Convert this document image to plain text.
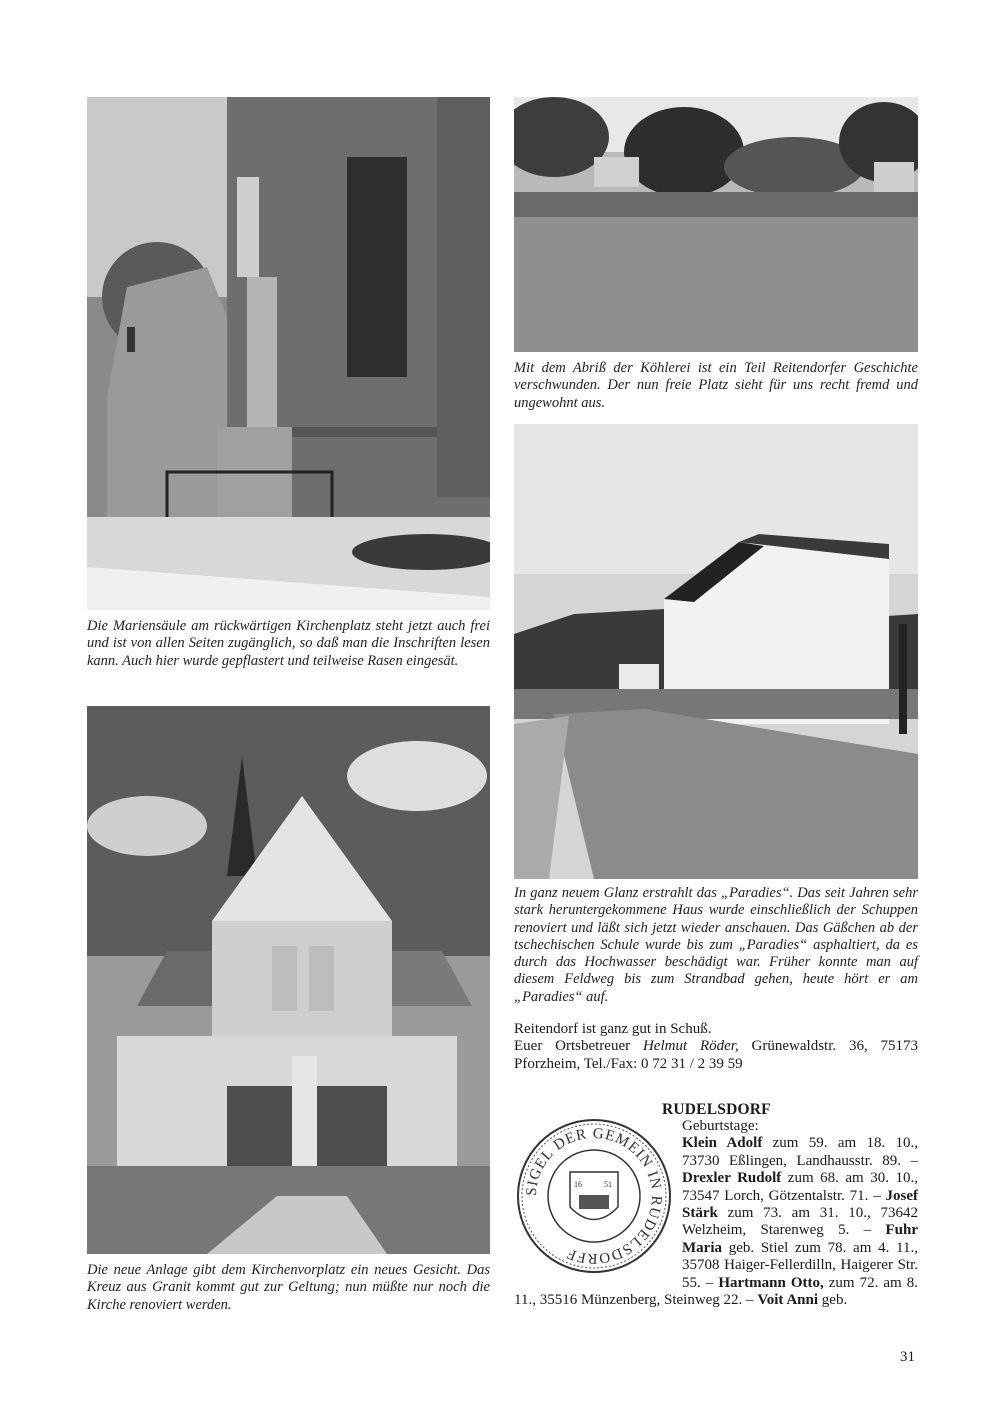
Mit dem Abriß der Köhlerei ist ein Teil Reitendorfer Geschichte verschwunden. Der nun freie Platz sieht für uns recht fremd und ungewohnt aus.

In ganz neuem Glanz erstrahlt das „Paradies“. Das seit Jahren sehr stark heruntergekommene Haus wurde einschließlich der Schuppen renoviert und läßt sich jetzt wieder anschauen. Das Gäßchen ab der tschechischen Schule wurde bis zum „Paradies“ asphaltiert, da es durch das Hochwasser beschädigt war. Früher konnte man auf diesem Feldweg bis zum Strandbad gehen, heute hört er am „Paradies“ auf.

Die Mariensäule am rückwärtigen Kirchenplatz steht jetzt auch frei und ist von allen Seiten zugänglich, so daß man die Inschriften lesen kann. Auch hier wurde gepflastert und teilweise Rasen eingesät.

Die neue Anlage gibt dem Kirchenvorplatz ein neues Gesicht. Das Kreuz aus Granit kommt gut zur Geltung; nun müßte nur noch die Kirche renoviert werden.

Reitendorf ist ganz gut in Schuß.

Euer Ortsbetreuer Helmut Röder, Grünewaldstr. 36, 75173 Pforzheim, Tel./Fax: 0 72 31 / 2 39 59

SIGEL DER GEMEIN IN RUDELSDORFF
16	51
RUDELSDORF

Geburtstage:
Klein Adolf zum 59. am 18. 10., 73730 Eßlingen, Landhausstr. 89. – Drexler Rudolf zum 68. am 30. 10., 73547 Lorch, Götzentalstr. 71. – Josef Stärk zum 73. am 31. 10., 73642 Welzheim, Starenweg 5. – Fuhr Maria geb. Stiel zum 78. am 4. 11., 35708 Haiger-Fellerdilln, Haigerer Str. 55. – Hartmann Otto, zum 72. am 8. 11., 35516 Münzenberg, Steinweg 22. – Voit Anni geb.

31
